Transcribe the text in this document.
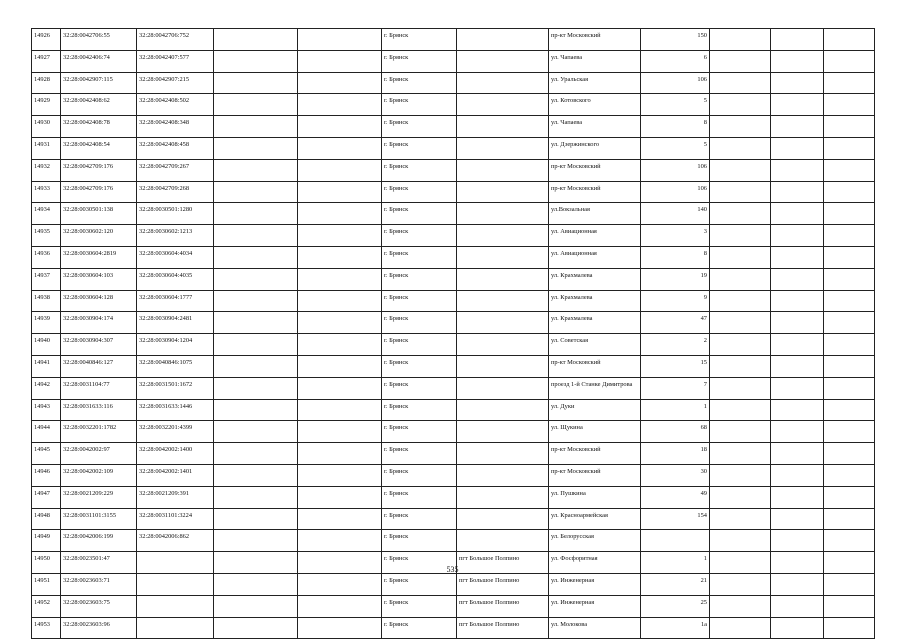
14926	32:28:0042706:55	32:28:0042706:752			г. Брянск		пр-кт Московский	150			
14927	32:28:0042406:74	32:28:0042407:577			г. Брянск		ул. Чапаева	6			
14928	32:28:0042907:115	32:28:0042907:215			г. Брянск		ул. Уральская	106			
14929	32:28:0042408:62	32:28:0042408:502			г. Брянск		ул. Котовского	5			
14930	32:28:0042408:78	32:28:0042408:348			г. Брянск		ул. Чапаева	8			
14931	32:28:0042408:54	32:28:0042408:458			г. Брянск		ул. Дзержинского	5			
14932	32:28:0042709:176	32:28:0042709:267			г. Брянск		пр-кт Московский	106			
14933	32:28:0042709:176	32:28:0042709:268			г. Брянск		пр-кт Московский	106			
14934	32:28:0030501:138	32:28:0030501:1280			г. Брянск		ул.Вокзальная	140			
14935	32:28:0030602:120	32:28:0030602:1213			г. Брянск		ул. Авиационная	3			
14936	32:28:0030604:2819	32:28:0030604:4034			г. Брянск		ул. Авиационная	8			
14937	32:28:0030604:103	32:28:0030604:4035			г. Брянск		ул. Крахмалева	19			
14938	32:28:0030604:128	32:28:0030604:1777			г. Брянск		ул. Крахмалева	9			
14939	32:28:0030904:174	32:28:0030904:2481			г. Брянск		ул. Крахмалева	47			
14940	32:28:0030904:307	32:28:0030904:1204			г. Брянск		ул. Советская	2			
14941	32:28:0040846:127	32:28:0040846:1075			г. Брянск		пр-кт Московский	15			
14942	32:28:0031104:77	32:28:0031501:1672			г. Брянск		проезд 1-й Станке Димитрова	7			
14943	32:28:0031633:116	32:28:0031633:1446			г. Брянск		ул. Дуки	1			
14944	32:28:0032201:1782	32:28:0032201:4399			г. Брянск		ул. Щукина	68			
14945	32:28:0042002:97	32:28:0042002:1400			г. Брянск		пр-кт Московский	18			
14946	32:28:0042002:109	32:28:0042002:1401			г. Брянск		пр-кт Московский	30			
14947	32:28:0021209:229	32:28:0021209:391			г. Брянск		ул. Пушкина	49			
14948	32:28:0031101:3155	32:28:0031101:3224			г. Брянск		ул. Красноармейская	154			
14949	32:28:0042006:199	32:28:0042006:862			г. Брянск		ул. Белорусская				
14950	32:28:0023501:47				г. Брянск	пгт Большое Полпино	ул. Фосфоритная	1			
14951	32:28:0023603:71				г. Брянск	пгт Большое Полпино	ул. Инженерная	21			
14952	32:28:0023603:75				г. Брянск	пгт Большое Полпино	ул. Инженерная	25			
14953	32:28:0023603:96				г. Брянск	пгт Большое Полпино	ул. Молокова	1а			
535
